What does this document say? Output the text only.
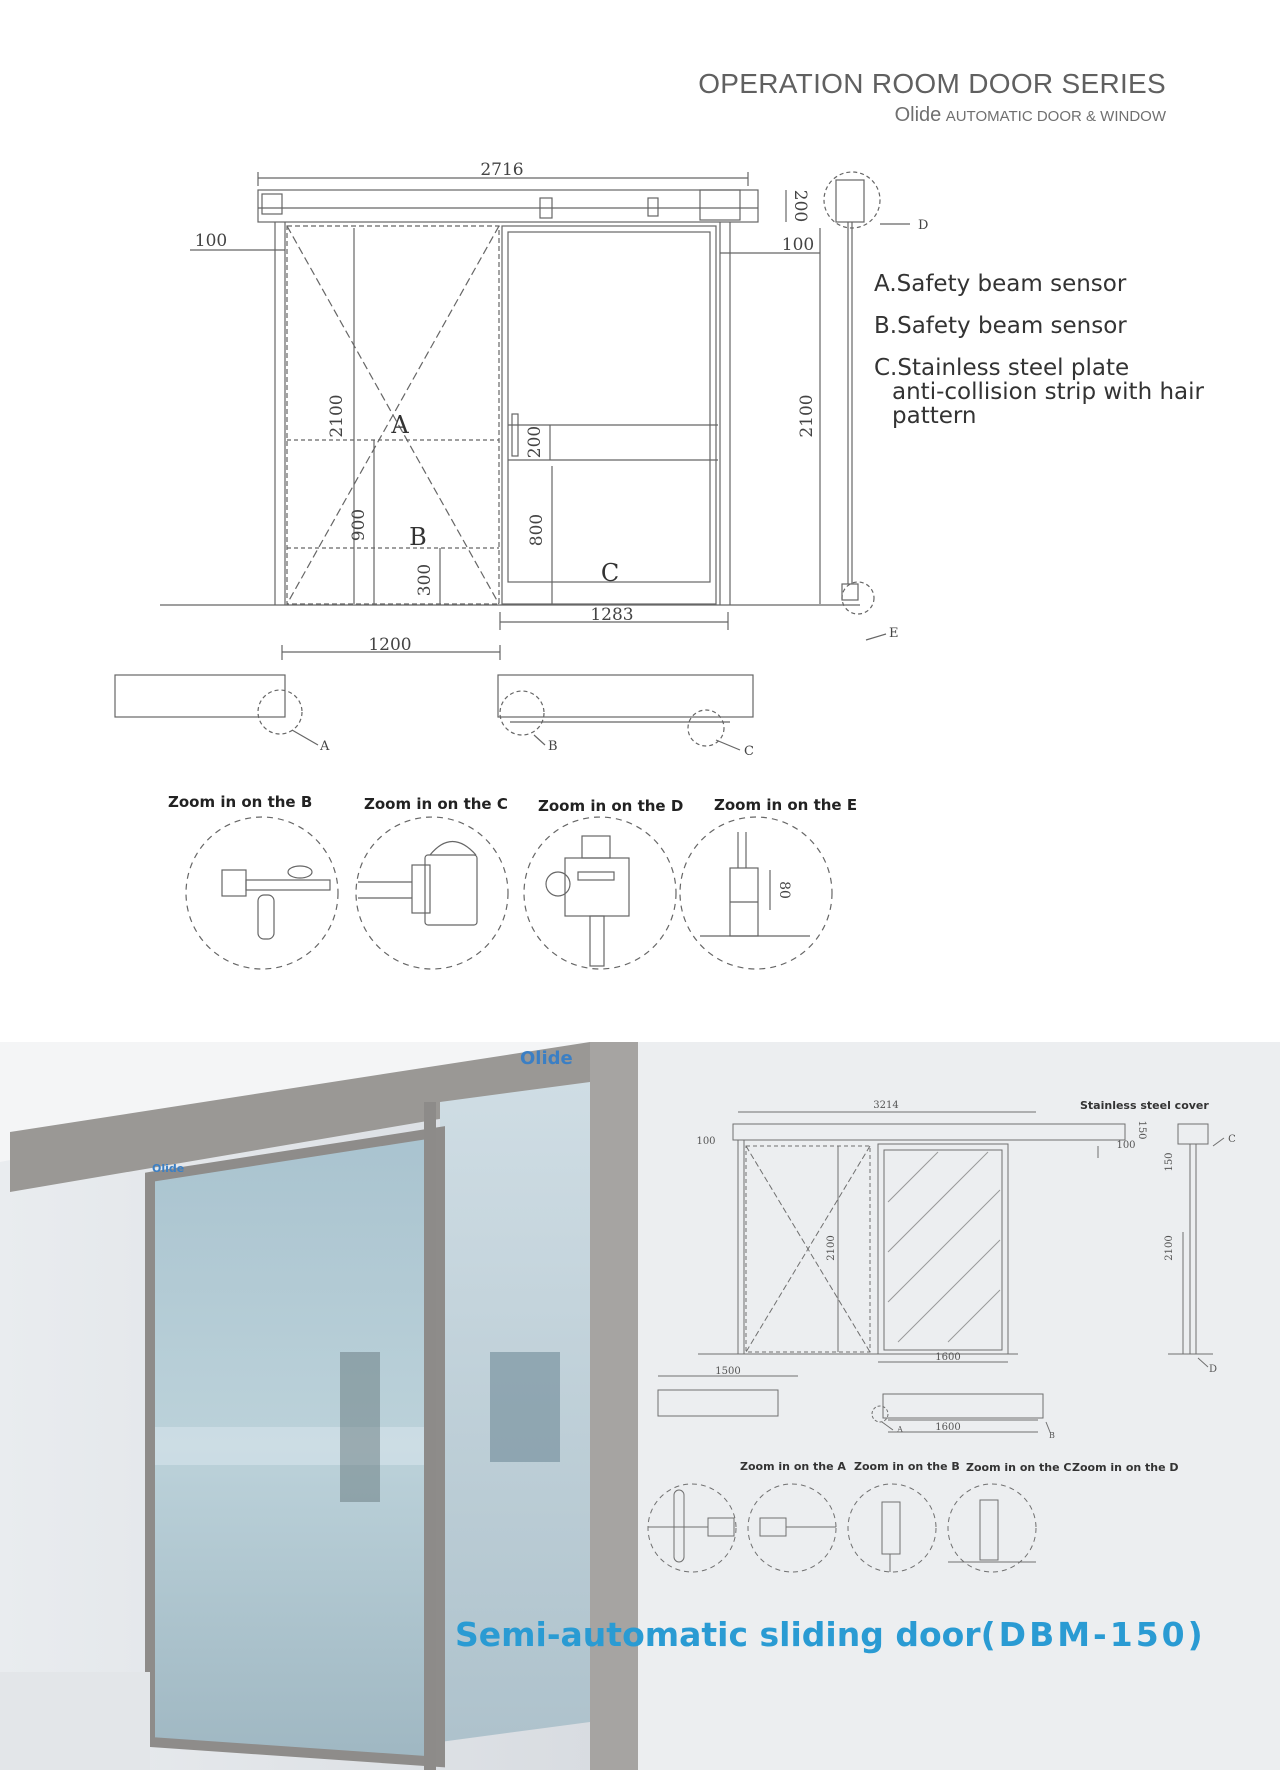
OPERATION ROOM DOOR SERIES
Olide AUTOMATIC DOOR & WINDOW
2716
100	100
200
2100	2100
200
800
900
300
1283
1200
80
A
B
C
D
E
A	B	C
A.Safety beam sensor
B.Safety beam sensor
C.Stainless steel plate
anti-collision strip with hair
pattern
Zoom in on the B	Zoom in on the C Zoom in on the D Zoom in on the E
Olide
Olide
3214
150
100	100
2100	2100
150
1600
1500
1600
C
D
A
B
Stainless steel cover
Zoom in on the A Zoom in on the B Zoom in on the C Zoom in on the D
Semi-automatic sliding door(DBM-150)
